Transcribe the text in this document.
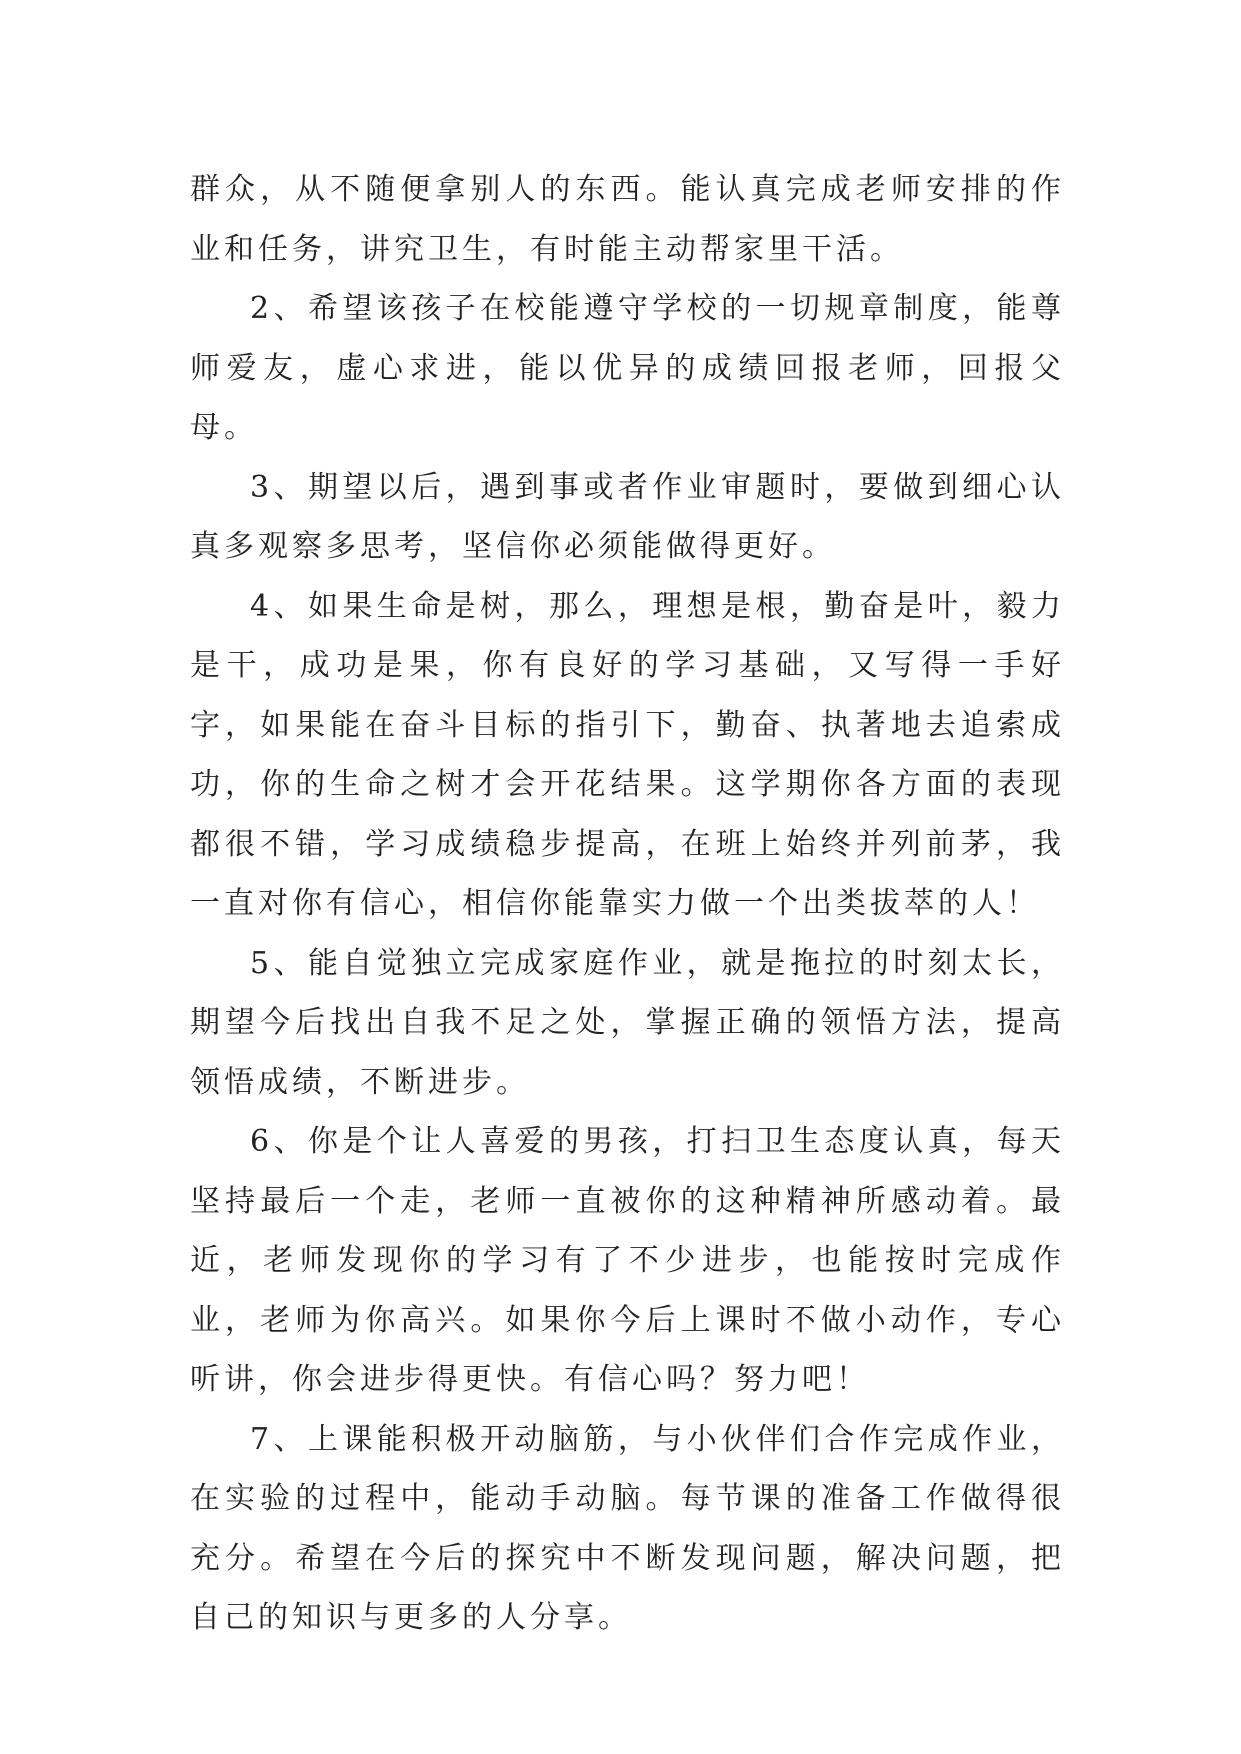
群众，从不随便拿别人的东西。能认真完成老师安排的作业和任务，讲究卫生，有时能主动帮家里干活。

2、希望该孩子在校能遵守学校的一切规章制度，能尊师爱友，虚心求进，能以优异的成绩回报老师，回报父母。

3、期望以后，遇到事或者作业审题时，要做到细心认真多观察多思考，坚信你必须能做得更好。

4、如果生命是树，那么，理想是根，勤奋是叶，毅力是干，成功是果，你有良好的学习基础，又写得一手好字，如果能在奋斗目标的指引下，勤奋、执著地去追索成功，你的生命之树才会开花结果。这学期你各方面的表现都很不错，学习成绩稳步提高，在班上始终并列前茅，我一直对你有信心，相信你能靠实力做一个出类拔萃的人！

5、能自觉独立完成家庭作业，就是拖拉的时刻太长，期望今后找出自我不足之处，掌握正确的领悟方法，提高领悟成绩，不断进步。

6、你是个让人喜爱的男孩，打扫卫生态度认真，每天坚持最后一个走，老师一直被你的这种精神所感动着。最近，老师发现你的学习有了不少进步，也能按时完成作业，老师为你高兴。如果你今后上课时不做小动作，专心听讲，你会进步得更快。有信心吗？努力吧！

7、上课能积极开动脑筋，与小伙伴们合作完成作业，在实验的过程中，能动手动脑。每节课的准备工作做得很充分。希望在今后的探究中不断发现问题，解决问题，把自己的知识与更多的人分享。
